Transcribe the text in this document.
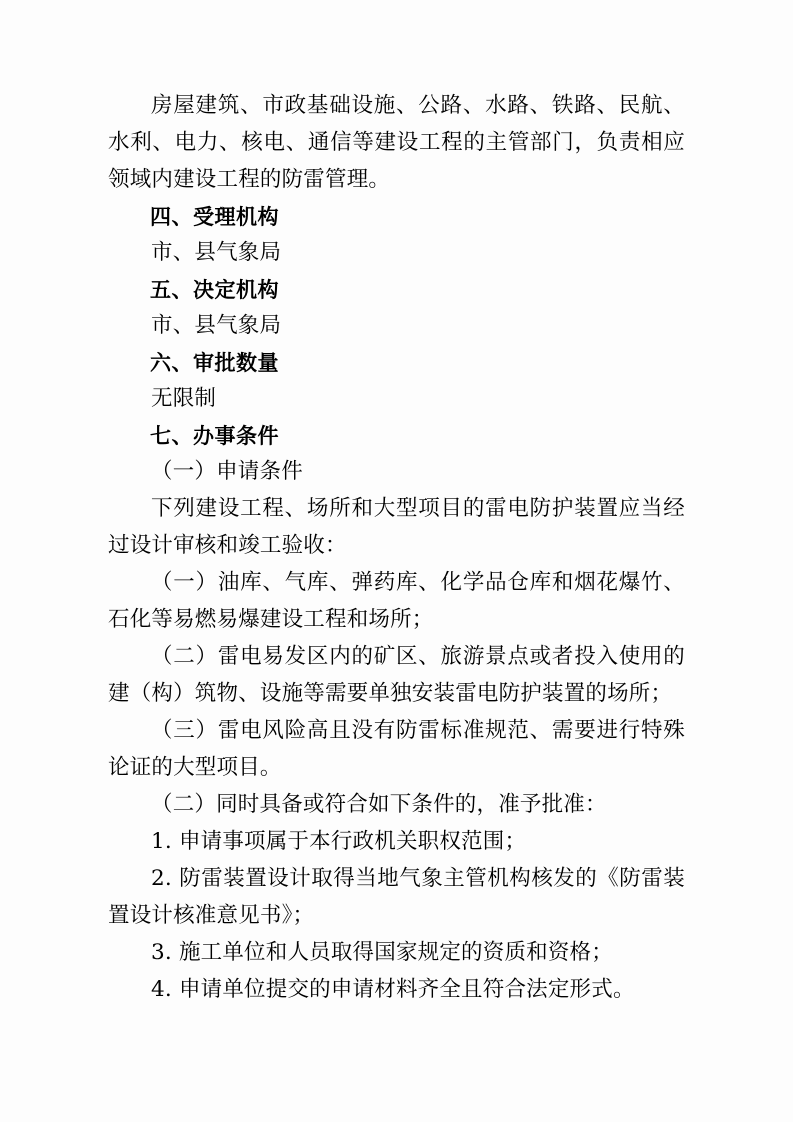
房屋建筑、市政基础设施、公路、水路、铁路、民航、水利、电力、核电、通信等建设工程的主管部门，负责相应领域内建设工程的防雷管理。

四、受理机构

市、县气象局

五、决定机构

市、县气象局

六、审批数量

无限制

七、办事条件

（一）申请条件

下列建设工程、场所和大型项目的雷电防护装置应当经过设计审核和竣工验收：

（一）油库、气库、弹药库、化学品仓库和烟花爆竹、石化等易燃易爆建设工程和场所；

（二）雷电易发区内的矿区、旅游景点或者投入使用的建（构）筑物、设施等需要单独安装雷电防护装置的场所；

（三）雷电风险高且没有防雷标准规范、需要进行特殊论证的大型项目。

（二）同时具备或符合如下条件的，准予批准：

1. 申请事项属于本行政机关职权范围；

2. 防雷装置设计取得当地气象主管机构核发的《防雷装置设计核准意见书》；

3. 施工单位和人员取得国家规定的资质和资格；

4. 申请单位提交的申请材料齐全且符合法定形式。
